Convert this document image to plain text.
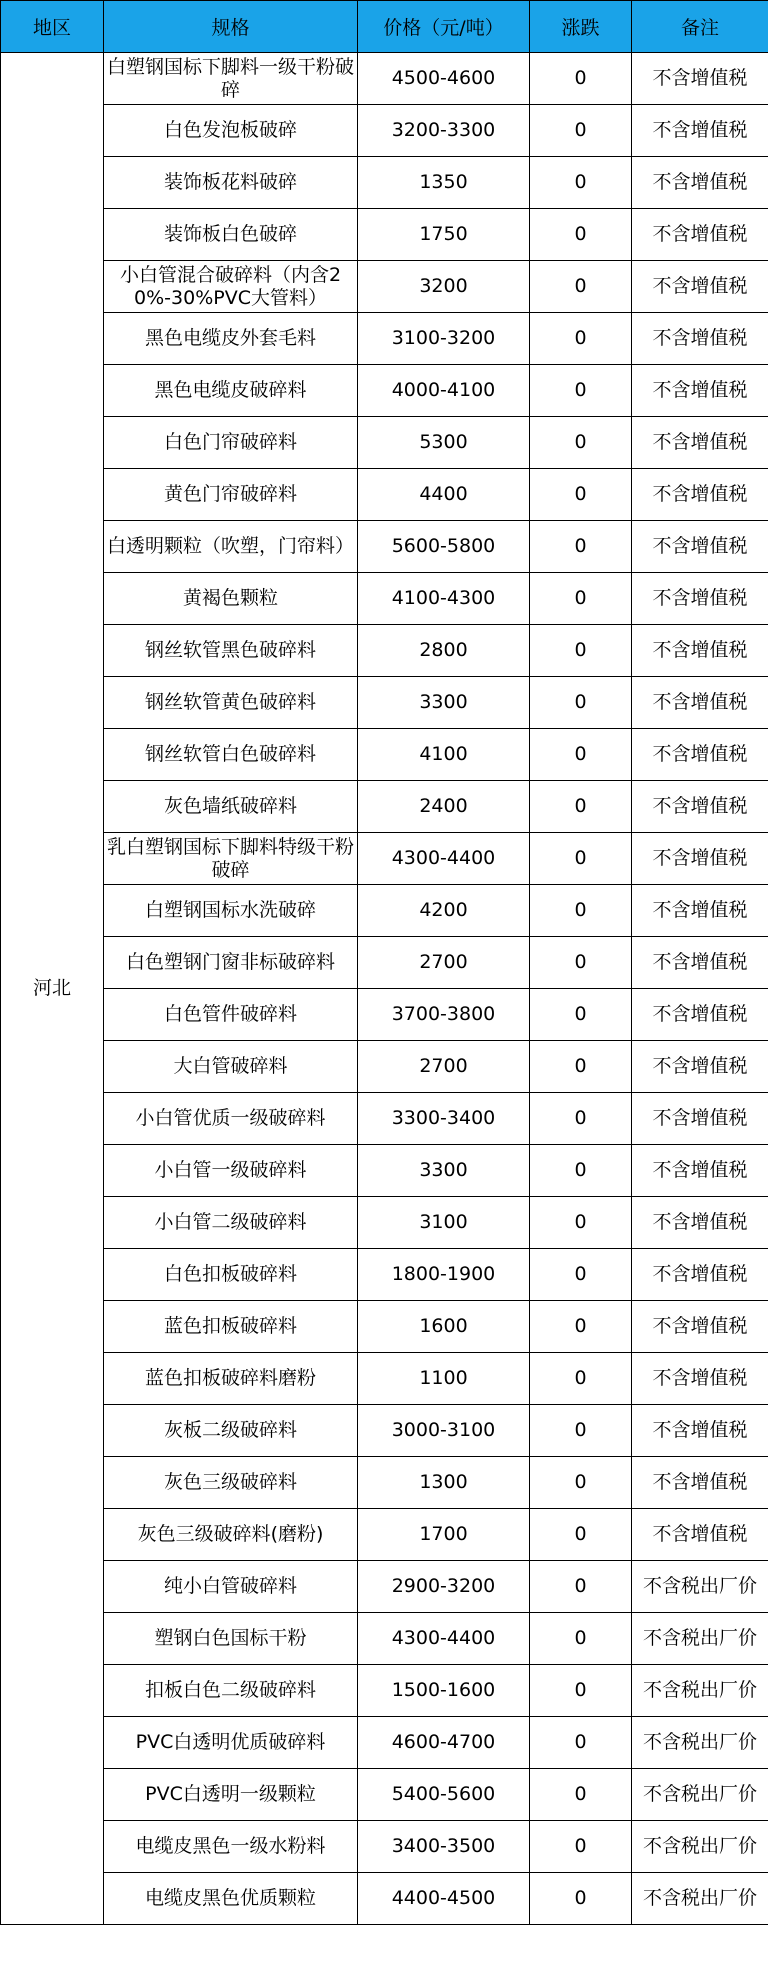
地区	规格	价格（元/吨）	涨跌	备注
河北	白塑钢国标下脚料一级干粉破碎	4500-4600	0	不含增值税
	白色发泡板破碎	3200-3300	0	不含增值税
	装饰板花料破碎	1350	0	不含增值税
	装饰板白色破碎	1750	0	不含增值税
	小白管混合破碎料（内含20%-30%PVC大管料）	3200	0	不含增值税
	黑色电缆皮外套毛料	3100-3200	0	不含增值税
	黑色电缆皮破碎料	4000-4100	0	不含增值税
	白色门帘破碎料	5300	0	不含增值税
	黄色门帘破碎料	4400	0	不含增值税
	白透明颗粒（吹塑，门帘料）	5600-5800	0	不含增值税
	黄褐色颗粒	4100-4300	0	不含增值税
	钢丝软管黑色破碎料	2800	0	不含增值税
	钢丝软管黄色破碎料	3300	0	不含增值税
	钢丝软管白色破碎料	4100	0	不含增值税
	灰色墙纸破碎料	2400	0	不含增值税
	乳白塑钢国标下脚料特级干粉破碎	4300-4400	0	不含增值税
	白塑钢国标水洗破碎	4200	0	不含增值税
	白色塑钢门窗非标破碎料	2700	0	不含增值税
	白色管件破碎料	3700-3800	0	不含增值税
	大白管破碎料	2700	0	不含增值税
	小白管优质一级破碎料	3300-3400	0	不含增值税
	小白管一级破碎料	3300	0	不含增值税
	小白管二级破碎料	3100	0	不含增值税
	白色扣板破碎料	1800-1900	0	不含增值税
	蓝色扣板破碎料	1600	0	不含增值税
	蓝色扣板破碎料磨粉	1100	0	不含增值税
	灰板二级破碎料	3000-3100	0	不含增值税
	灰色三级破碎料	1300	0	不含增值税
	灰色三级破碎料(磨粉)	1700	0	不含增值税
	纯小白管破碎料	2900-3200	0	不含税出厂价
	塑钢白色国标干粉	4300-4400	0	不含税出厂价
	扣板白色二级破碎料	1500-1600	0	不含税出厂价
	PVC白透明优质破碎料	4600-4700	0	不含税出厂价
	PVC白透明一级颗粒	5400-5600	0	不含税出厂价
	电缆皮黑色一级水粉料	3400-3500	0	不含税出厂价
	电缆皮黑色优质颗粒	4400-4500	0	不含税出厂价
